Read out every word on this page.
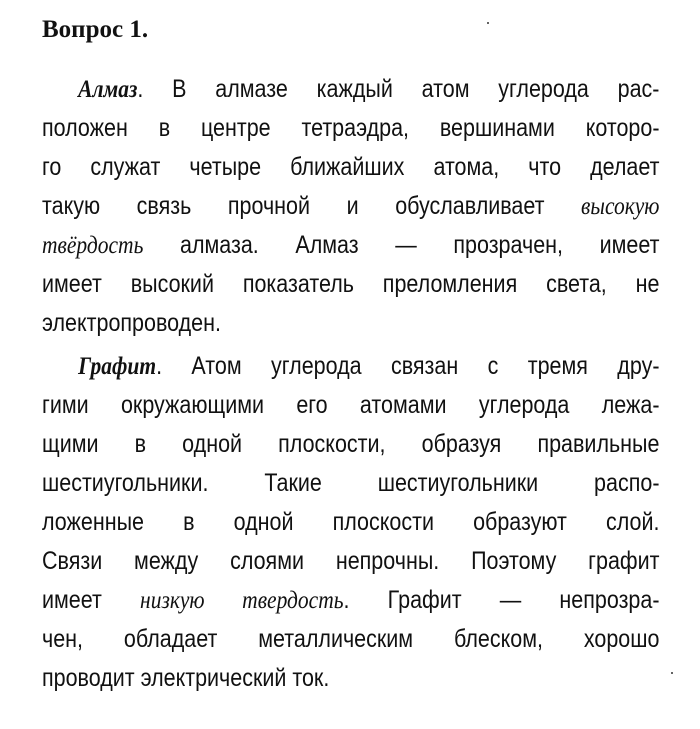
Вопрос 1.
Алмаз. В алмазе каждый атом углерода рас-
положен в центре тетраэдра, вершинами которо-
го служат четыре ближайших атома, что делает
такую связь прочной и обуславливает высокую
твёрдость алмаза. Алмаз — прозрачен, имеет
имеет высокий показатель преломления света, не
электропроводен.
Графит. Атом углерода связан с тремя дру-
гими окружающими его атомами углерода лежа-
щими в одной плоскости, образуя правильные
шестиугольники. Такие шестиугольники распо-
ложенные в одной плоскости образуют слой.
Связи между слоями непрочны. Поэтому графит
имеет низкую твердость. Графит — непрозра-
чен, обладает металлическим блеском, хорошо
проводит электрический ток.
